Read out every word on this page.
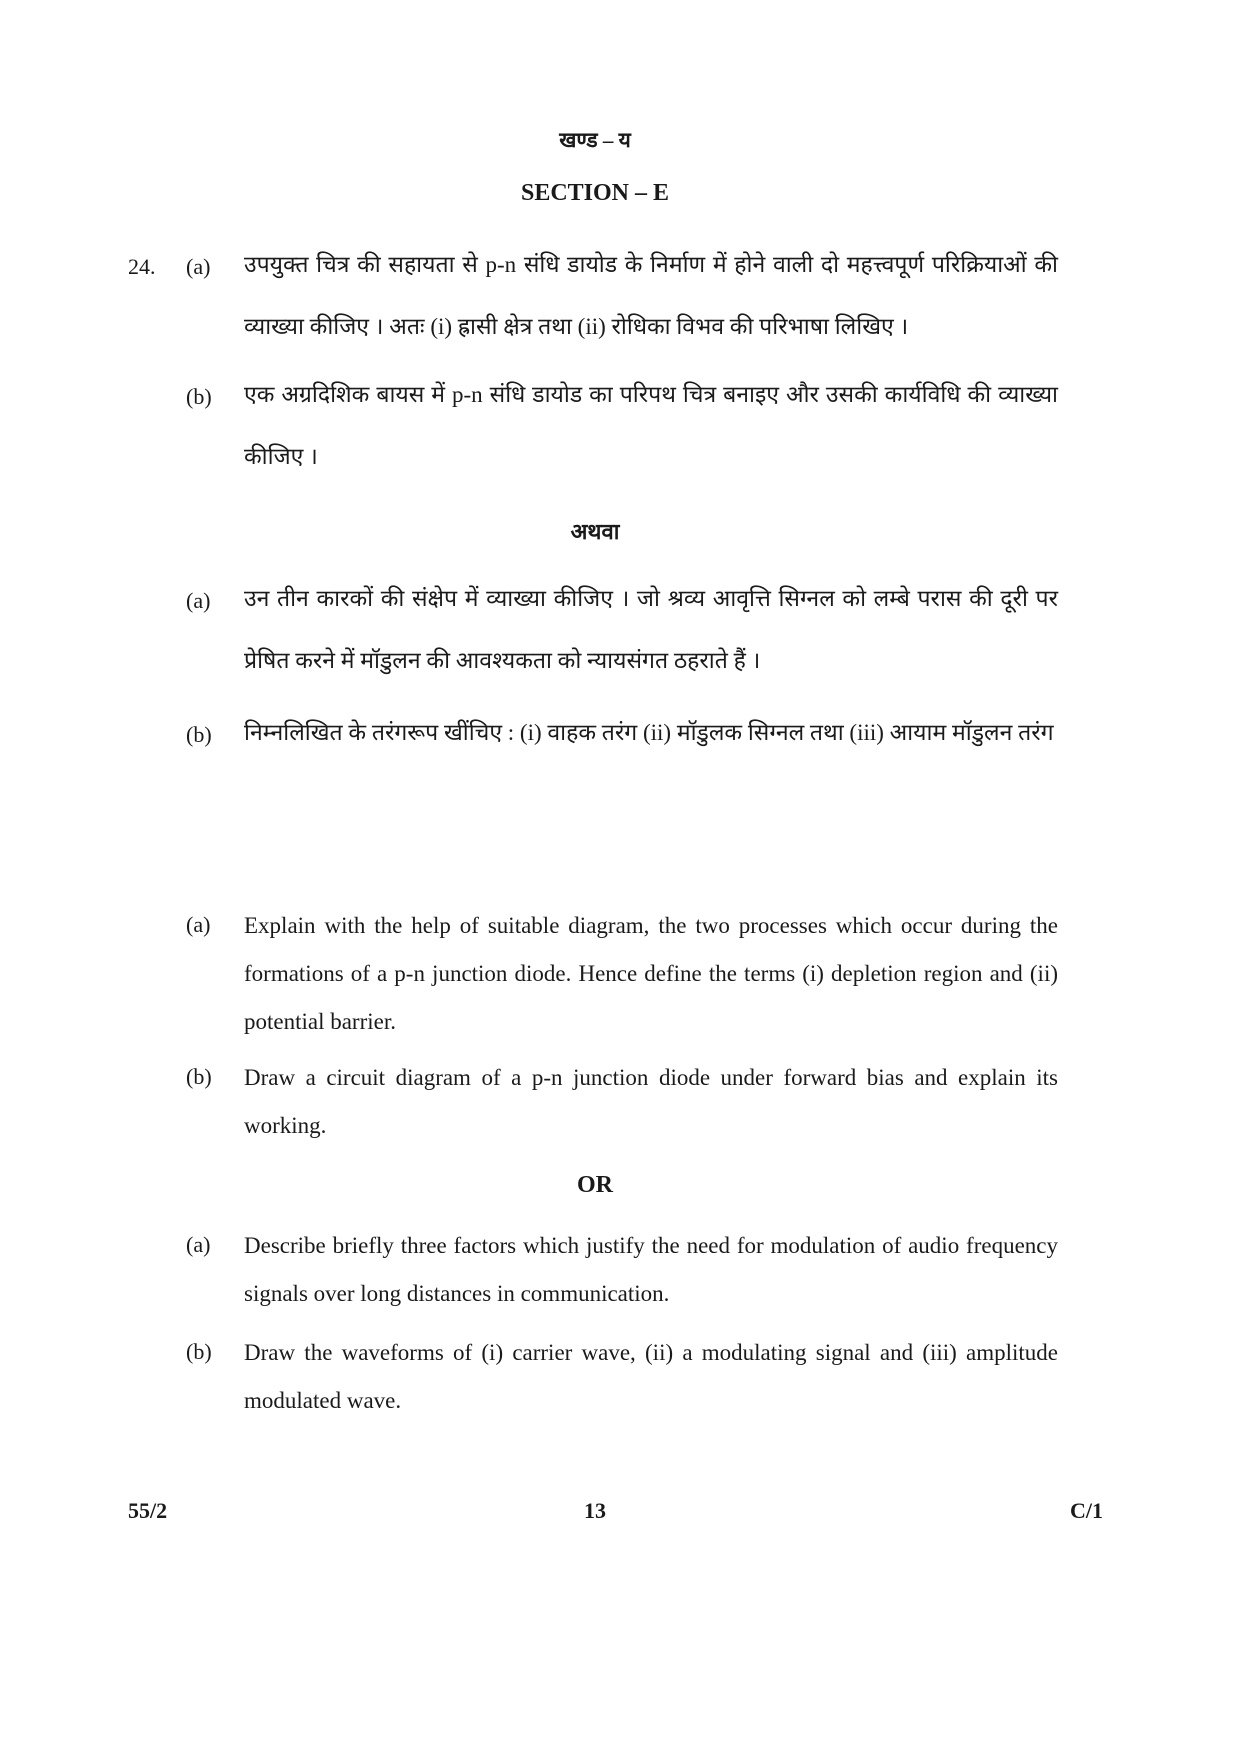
खण्ड – य
SECTION – E
24. (a) उपयुक्त चित्र की सहायता से p-n संधि डायोड के निर्माण में होने वाली दो महत्त्वपूर्ण परिक्रियाओं की व्याख्या कीजिए । अतः (i) ह्रासी क्षेत्र तथा (ii) रोधिका विभव की परिभाषा लिखिए ।
(b) एक अग्रदिशिक बायस में p-n संधि डायोड का परिपथ चित्र बनाइए और उसकी कार्यविधि की व्याख्या कीजिए ।
अथवा
(a) उन तीन कारकों की संक्षेप में व्याख्या कीजिए । जो श्रव्य आवृत्ति सिग्नल को लम्बे परास की दूरी पर प्रेषित करने में मॉडुलन की आवश्यकता को न्यायसंगत ठहराते हैं ।
(b) निम्नलिखित के तरंगरूप खींचिए : (i) वाहक तरंग (ii) मॉडुलक सिग्नल तथा (iii) आयाम मॉडुलन तरंग
(a) Explain with the help of suitable diagram, the two processes which occur during the formations of a p-n junction diode. Hence define the terms (i) depletion region and (ii) potential barrier.
(b) Draw a circuit diagram of a p-n junction diode under forward bias and explain its working.
OR
(a) Describe briefly three factors which justify the need for modulation of audio frequency signals over long distances in communication.
(b) Draw the waveforms of (i) carrier wave, (ii) a modulating signal and (iii) amplitude modulated wave.
55/2	13	C/1
